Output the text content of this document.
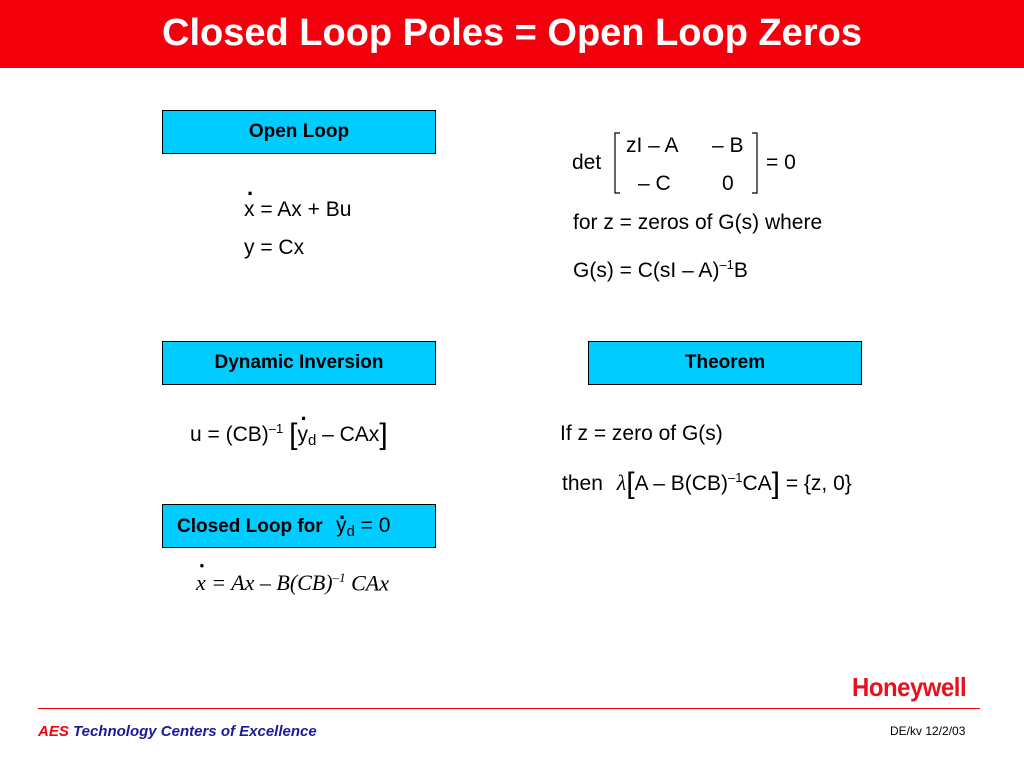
Closed Loop Poles = Open Loop Zeros
Open Loop
Dynamic Inversion	Theorem
Closed Loop for · $y_d = 0$
· x = Ax + Bu
y = Cx
det
zI – A – B
– C 0
= 0
for z = zeros of G(s) where
G(s) = C(sI – A)$^{-1}$B
u = (CB)$^{-1}$ [· $y_d - CAx$]
· x = Ax – B(CB)$^{-1}$ CAx
If z = zero of G(s)
then λ[A – B(CB)$^{-1}$CA] = {z, 0}
Honeywell
AES Technology Centers of Excellence	DE/kv 12/2/03
